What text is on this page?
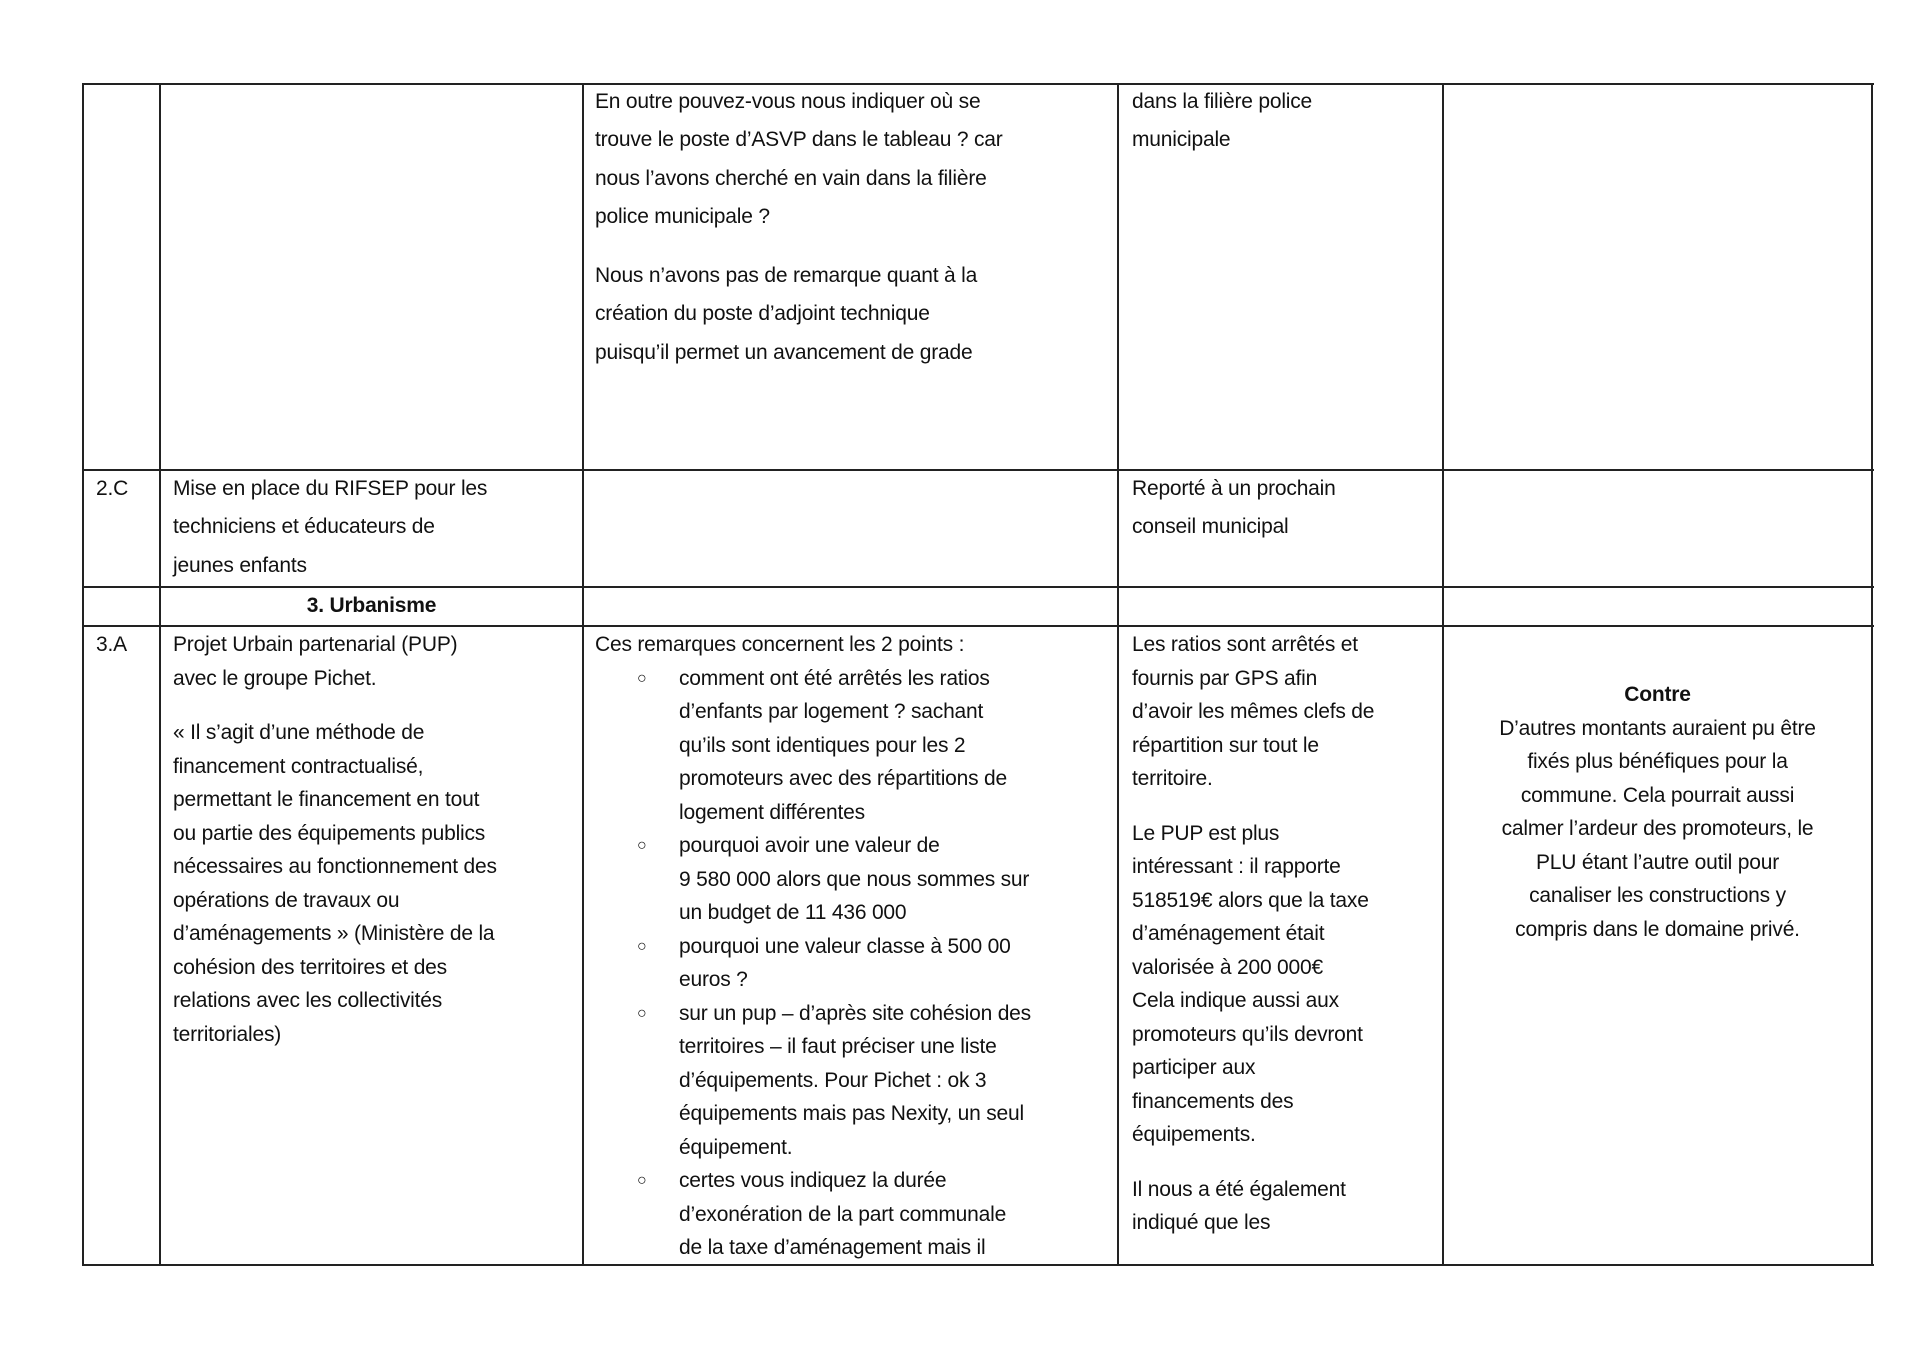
En outre pouvez-vous nous indiquer où se
trouve le poste d’ASVP dans le tableau ? car
nous l’avons cherché en vain dans la filière
police municipale ?
Nous n’avons pas de remarque quant à la
création du poste d’adjoint technique
puisqu’il permet un avancement de grade
dans la filière police
municipale
2.C Mise en place du RIFSEP pour les
techniciens et éducateurs de
jeunes enfants
Reporté à un prochain
conseil municipal
3. Urbanisme
3.A Projet Urbain partenarial (PUP)
avec le groupe Pichet.
« Il s’agit d’une méthode de
financement contractualisé,
permettant le financement en tout
ou partie des équipements publics
nécessaires au fonctionnement des
opérations de travaux ou
d’aménagements » (Ministère de la
cohésion des territoires et des
relations avec les collectivités
territoriales)
Ces remarques concernent les 2 points :
○ comment ont été arrêtés les ratios
d’enfants par logement ? sachant
qu’ils sont identiques pour les 2
promoteurs avec des répartitions de
logement différentes
○ pourquoi avoir une valeur de
9 580 000 alors que nous sommes sur
un budget de 11 436 000
○ pourquoi une valeur classe à 500 00
euros ?
○ sur un pup – d’après site cohésion des
territoires – il faut préciser une liste
d’équipements. Pour Pichet : ok 3
équipements mais pas Nexity, un seul
équipement.
○ certes vous indiquez la durée
d’exonération de la part communale
de la taxe d’aménagement mais il
Les ratios sont arrêtés et
fournis par GPS afin
d’avoir les mêmes clefs de
répartition sur tout le
territoire.
Le PUP est plus
intéressant : il rapporte
518519€ alors que la taxe
d’aménagement était
valorisée à 200 000€
Cela indique aussi aux
promoteurs qu’ils devront
participer aux
financements des
équipements.
Il nous a été également
indiqué que les
Contre
D’autres montants auraient pu être
fixés plus bénéfiques pour la
commune. Cela pourrait aussi
calmer l’ardeur des promoteurs, le
PLU étant l’autre outil pour
canaliser les constructions y
compris dans le domaine privé.
